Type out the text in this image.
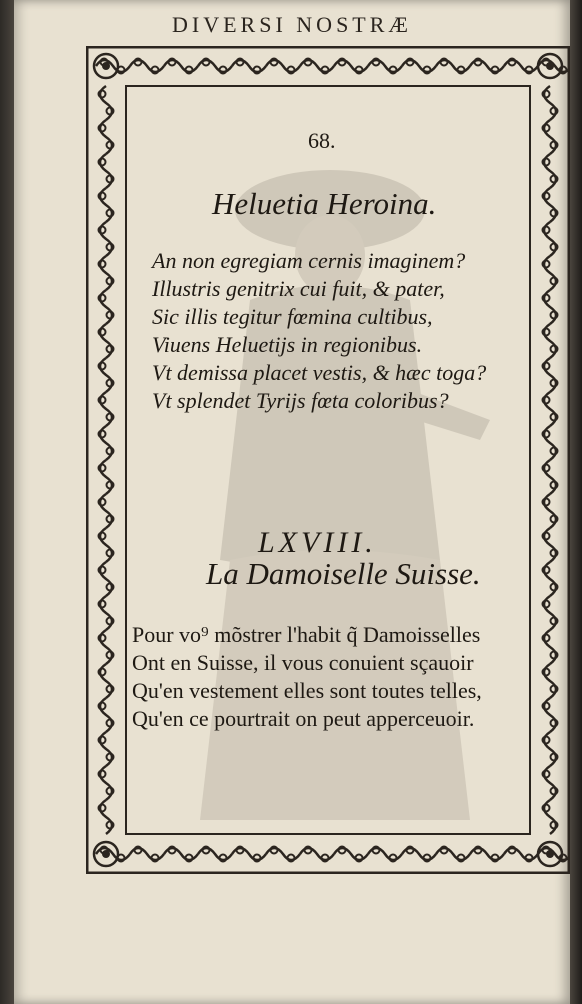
DIVERSI NOSTRÆ
68.
Heluetia Heroina.
An non egregiam cernis imaginem?
Illustris genitrix cui fuit, & pater,
Sic illis tegitur fœmina cultibus,
Viuens Heluetijs in regionibus.
Vt demissa placet vestis, & hæc toga?
Vt splendet Tyrijs fœta coloribus?
LXVIII.
La Damoiselle Suisse.
Pour vo⁹ mõstrer l'habit q̃ Damoisselles
Ont en Suisse, il vous conuient sçauoir
Qu'en vestement elles sont toutes telles,
Qu'en ce pourtrait on peut apperceuoir.
